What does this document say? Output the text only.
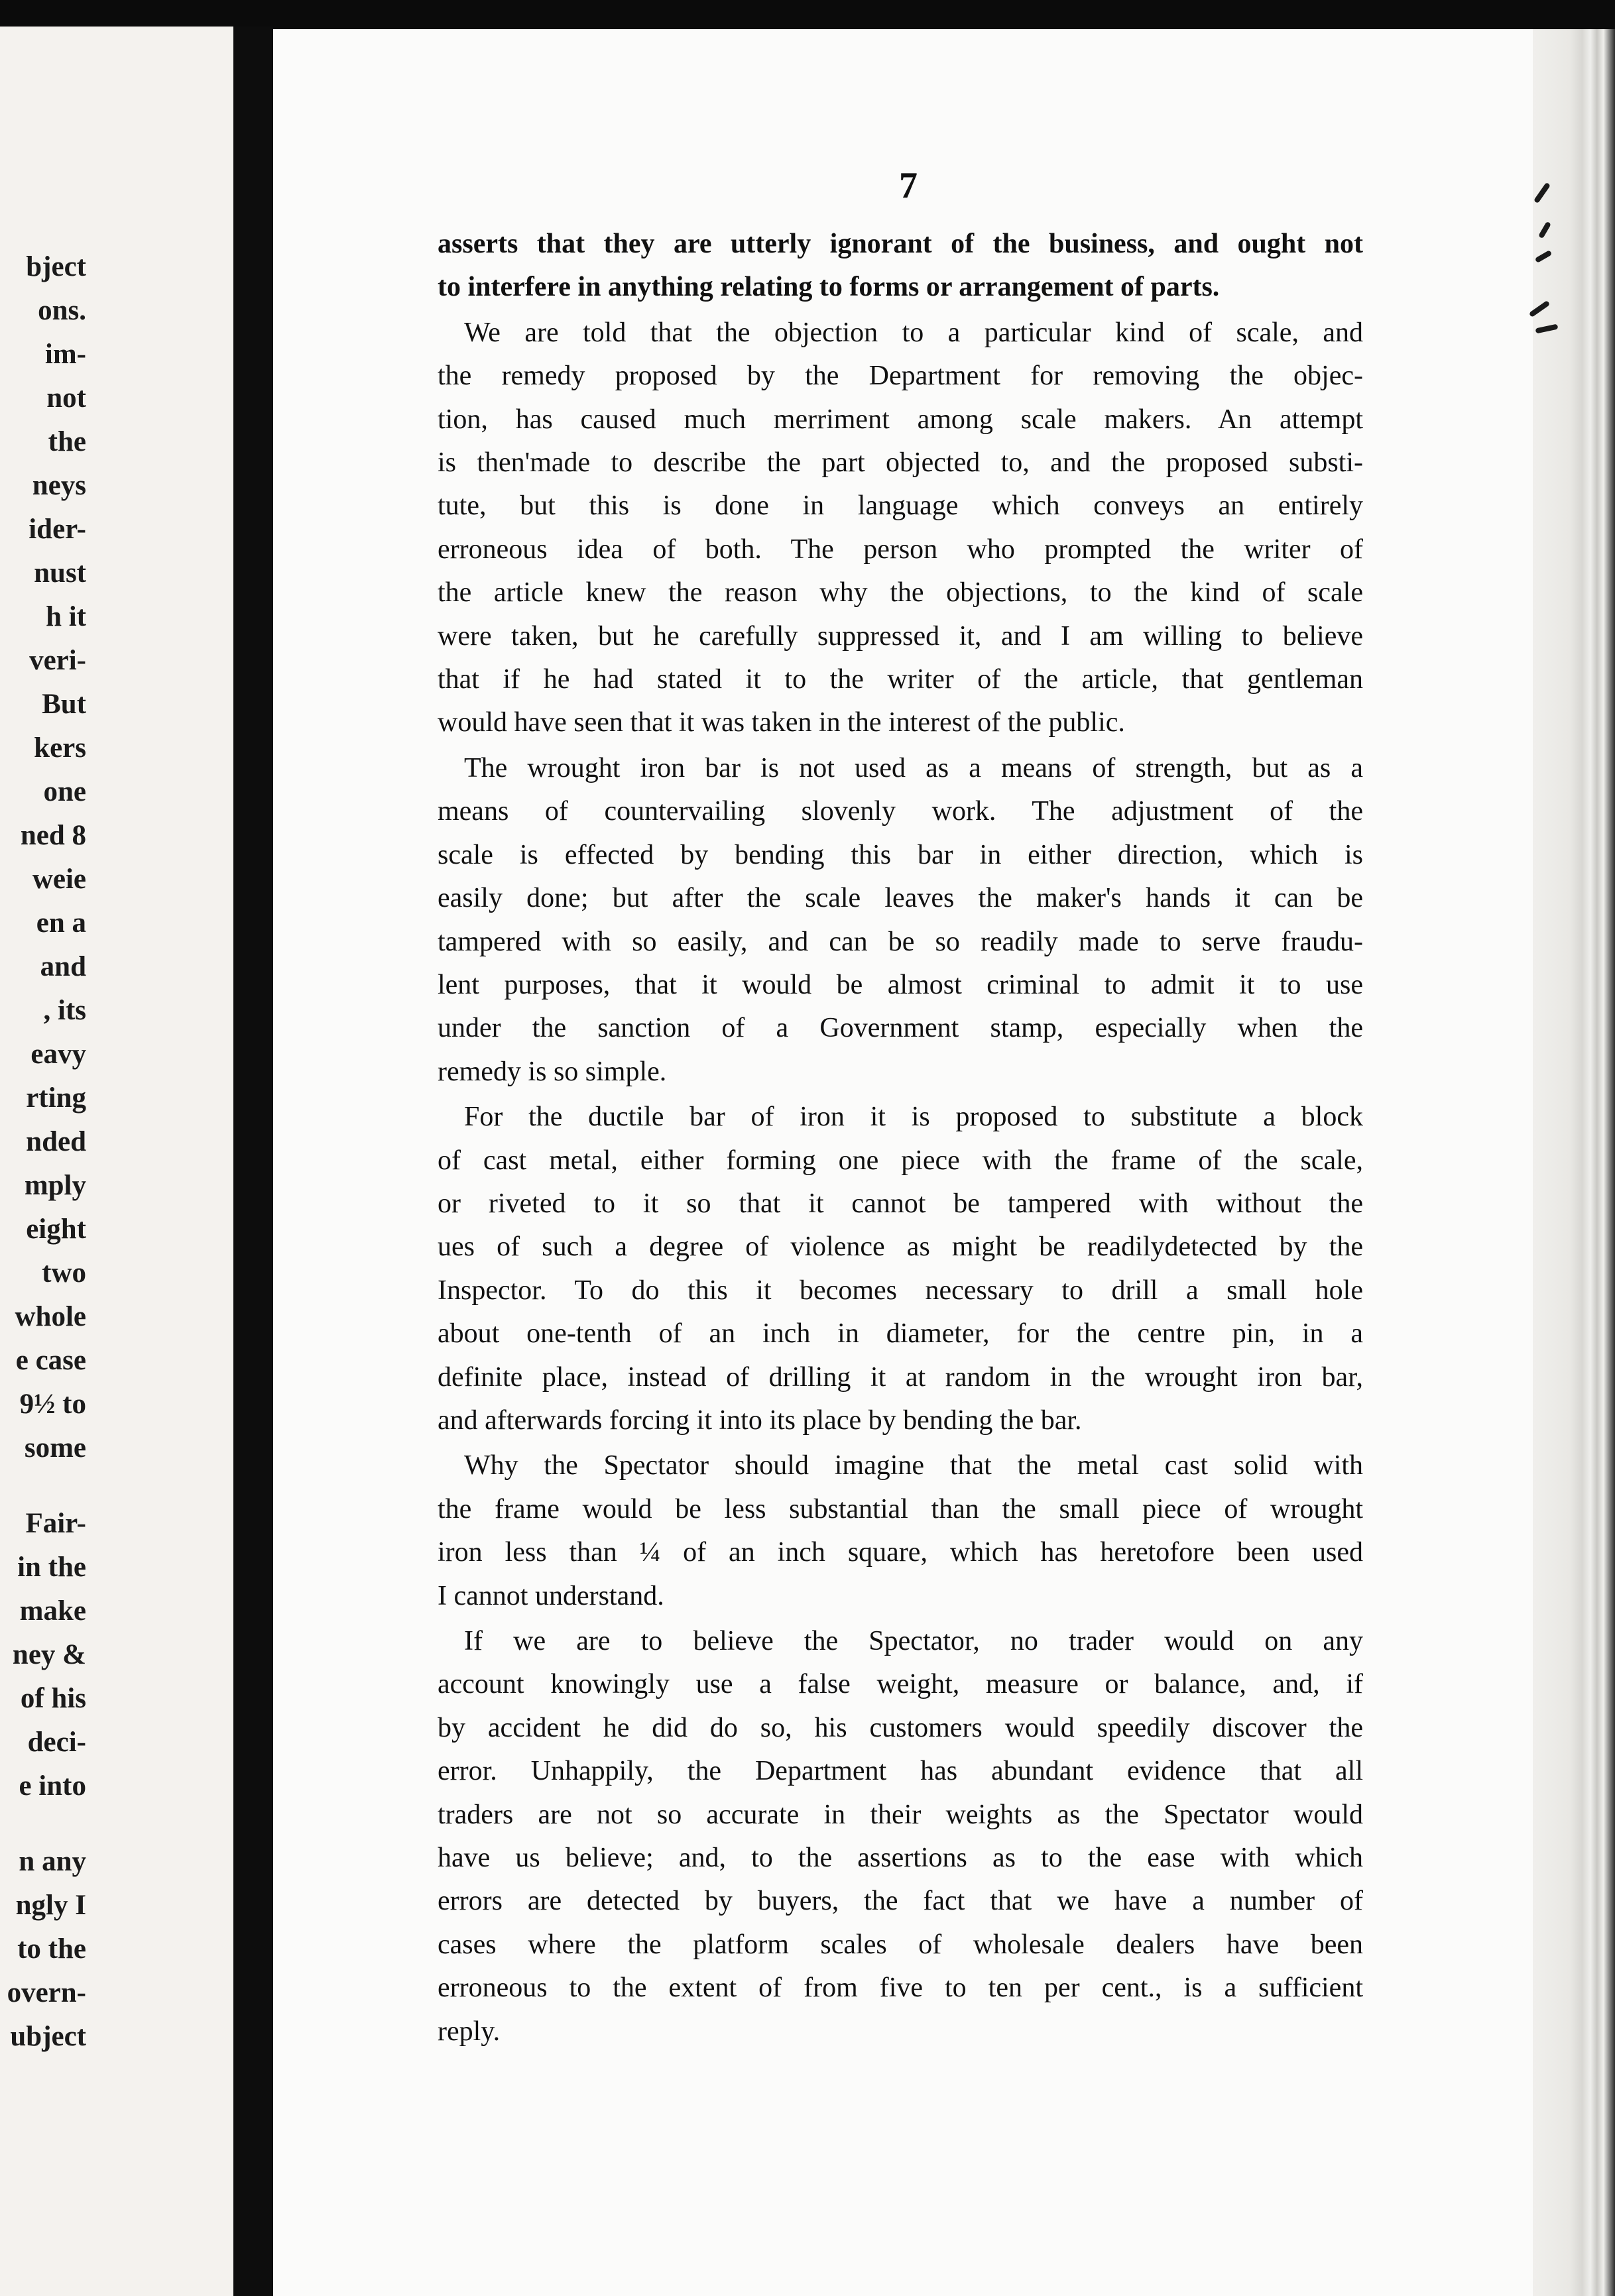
bject
ons.
im-
not
the
neys
ider-
nust
h it
veri-
But
kers
one
ned 8
weie
en a
and
, its
eavy
rting
nded
mply
eight
two
whole
e case
9½ to
some
Fair-
in the
make
ney &
of his
deci-
e into
n any
ngly I
to the
overn-
ubject
7
asserts that they are utterly ignorant of the business, and ought not
to interfere in anything relating to forms or arrangement of parts.
We are told that the objection to a particular kind of scale, and
the remedy proposed by the Department for removing the objec-
tion, has caused much merriment among scale makers. An attempt
is then'made to describe the part objected to, and the proposed substi-
tute, but this is done in language which conveys an entirely
erroneous idea of both. The person who prompted the writer of
the article knew the reason why the objections, to the kind of scale
were taken, but he carefully suppressed it, and I am willing to believe
that if he had stated it to the writer of the article, that gentleman
would have seen that it was taken in the interest of the public.
The wrought iron bar is not used as a means of strength, but as a
means of countervailing slovenly work. The adjustment of the
scale is effected by bending this bar in either direction, which is
easily done; but after the scale leaves the maker's hands it can be
tampered with so easily, and can be so readily made to serve fraudu-
lent purposes, that it would be almost criminal to admit it to use
under the sanction of a Government stamp, especially when the
remedy is so simple.
For the ductile bar of iron it is proposed to substitute a block
of cast metal, either forming one piece with the frame of the scale,
or riveted to it so that it cannot be tampered with without the
ues of such a degree of violence as might be readilydetected by the
Inspector. To do this it becomes necessary to drill a small hole
about one-tenth of an inch in diameter, for the centre pin, in a
definite place, instead of drilling it at random in the wrought iron bar,
and afterwards forcing it into its place by bending the bar.
Why the Spectator should imagine that the metal cast solid with
the frame would be less substantial than the small piece of wrought
iron less than ¼ of an inch square, which has heretofore been used
I cannot understand.
If we are to believe the Spectator, no trader would on any
account knowingly use a false weight, measure or balance, and, if
by accident he did do so, his customers would speedily discover the
error. Unhappily, the Department has abundant evidence that all
traders are not so accurate in their weights as the Spectator would
have us believe; and, to the assertions as to the ease with which
errors are detected by buyers, the fact that we have a number of
cases where the platform scales of wholesale dealers have been
erroneous to the extent of from five to ten per cent., is a sufficient
reply.
